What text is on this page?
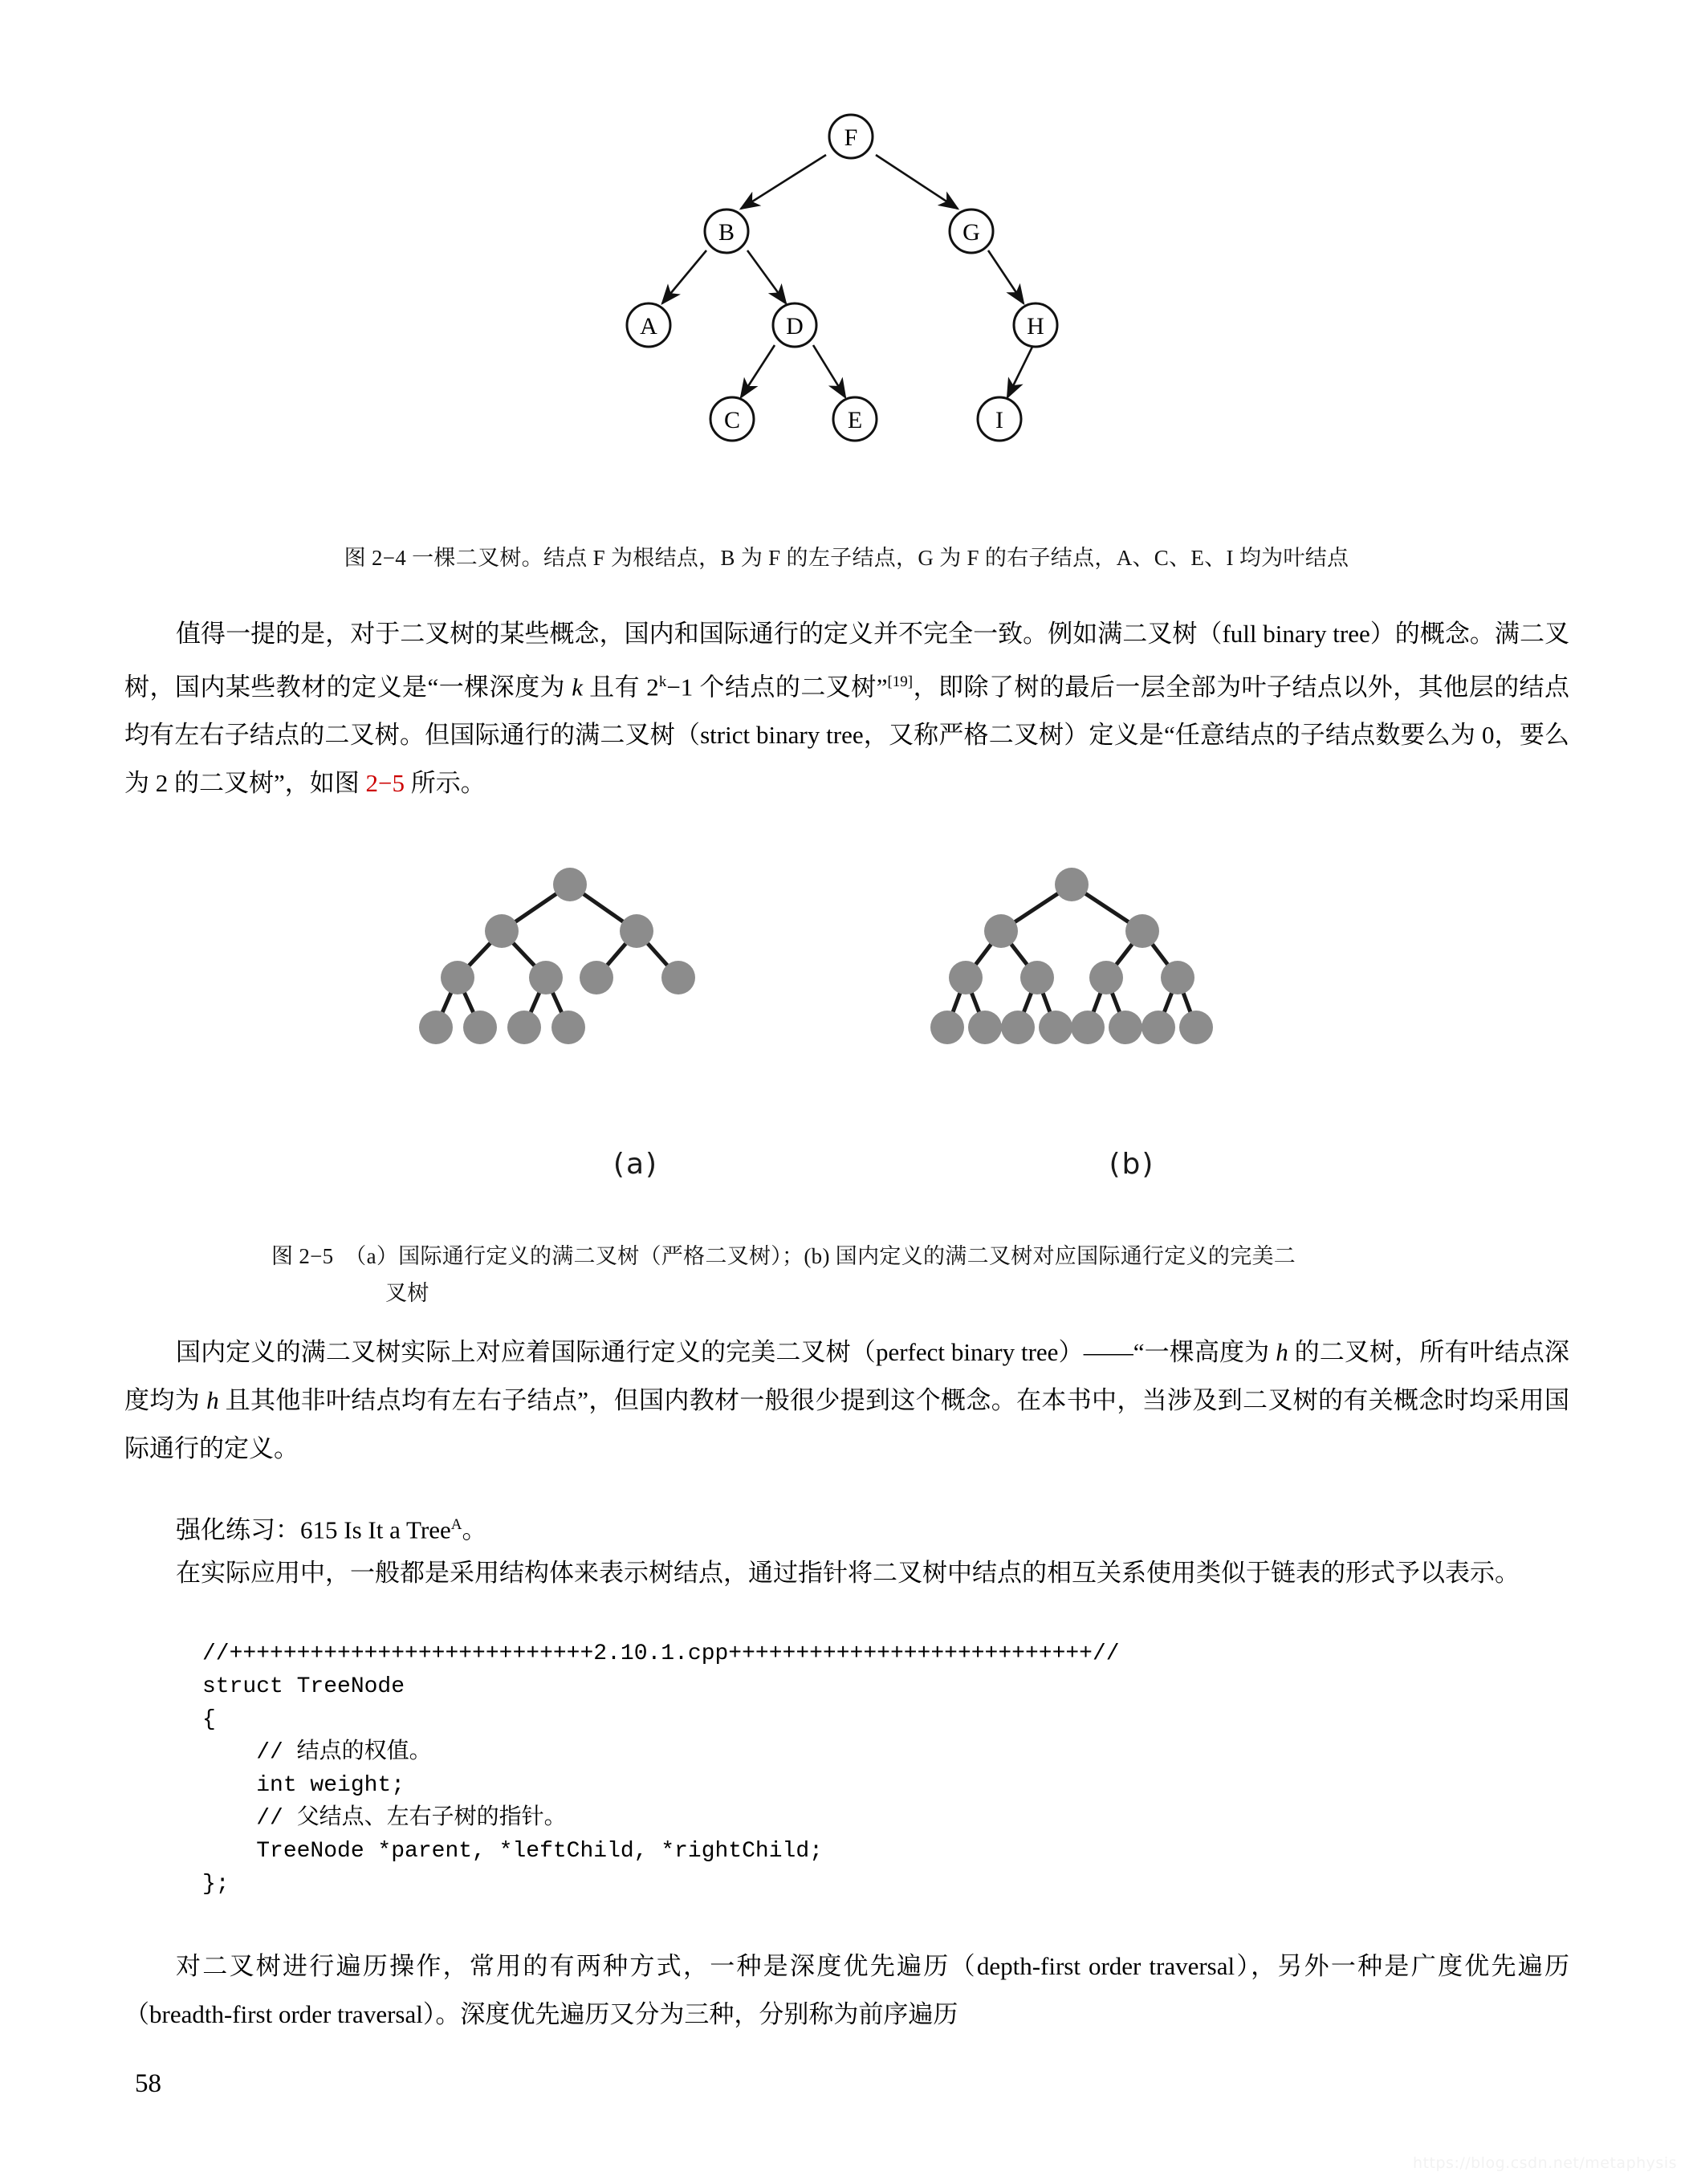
F
B	G
A	D	H
C	E	I
图 2−4 一棵二叉树。结点 F 为根结点，B 为 F 的左子结点，G 为 F 的右子结点，A、C、E、I 均为叶结点
值得一提的是，对于二叉树的某些概念，国内和国际通行的定义并不完全一致。例如满二叉树（full binary tree）的概念。满二叉树，国内某些教材的定义是“一棵深度为 k 且有 $2^k-1$ 个结点的二叉树”[19]，即除了树的最后一层全部为叶子结点以外，其他层的结点均有左右子结点的二叉树。但国际通行的满二叉树（strict binary tree，又称严格二叉树）定义是“任意结点的子结点数要么为 0，要么为 2 的二叉树”，如图 2−5 所示。
(a)	(b)
图 2−5　（a）国际通行定义的满二叉树（严格二叉树）；(b) 国内定义的满二叉树对应国际通行定义的完美二
叉树
国内定义的满二叉树实际上对应着国际通行定义的完美二叉树（perfect binary tree）——“一棵高度为 h 的二叉树，所有叶结点深度均为 h 且其他非叶结点均有左右子结点”，但国内教材一般很少提到这个概念。在本书中，当涉及到二叉树的有关概念时均采用国际通行的定义。
强化练习：615 Is It a Tree$^A$。
在实际应用中，一般都是采用结构体来表示树结点，通过指针将二叉树中结点的相互关系使用类似于链表的形式予以表示。
//+++++++++++++++++++++++++++2.10.1.cpp+++++++++++++++++++++++++++//
struct TreeNode
{
// 结点的权值。
int weight;
// 父结点、左右子树的指针。
TreeNode *parent, *leftChild, *rightChild;
};
对二叉树进行遍历操作，常用的有两种方式，一种是深度优先遍历（depth-first order traversal），另外一种是广度优先遍历（breadth-first order traversal）。深度优先遍历又分为三种，分别称为前序遍历
58
https://blog.csdn.net/metaphysis
